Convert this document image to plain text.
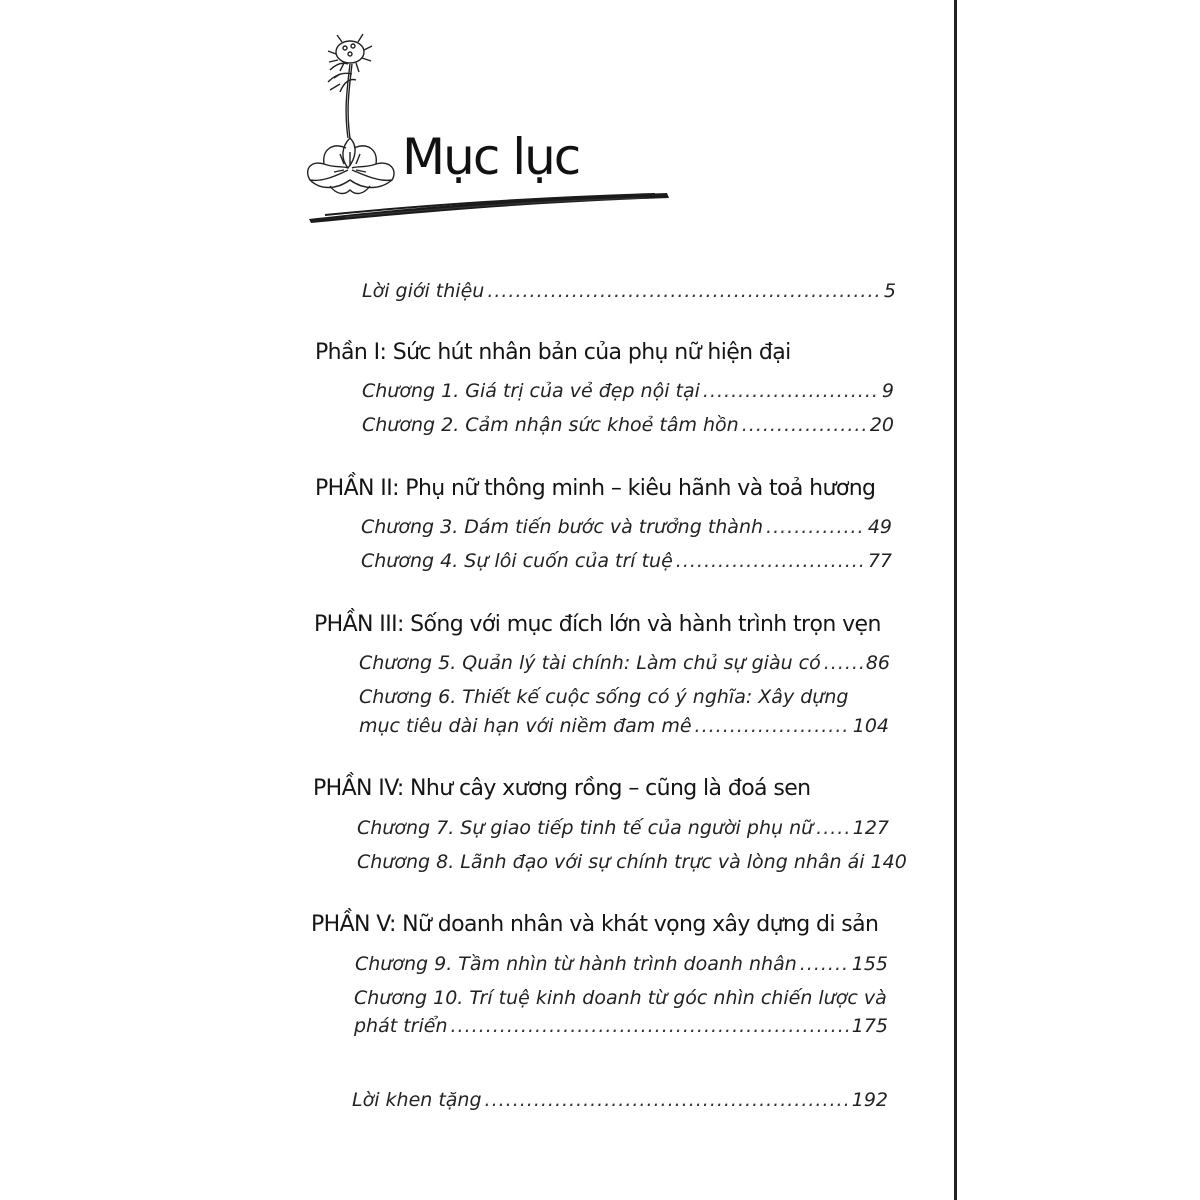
Mục lục
Lời giới thiệu .....	5
Phần I: Sức hút nhân bản của phụ nữ hiện đại
Chương 1. Giá trị của vẻ đẹp nội tại .....	9
Chương 2. Cảm nhận sức khoẻ tâm hồn .....	20
PHẦN II: Phụ nữ thông minh – kiêu hãnh và toả hương
Chương 3. Dám tiến bước và trưởng thành .....	49
Chương 4. Sự lôi cuốn của trí tuệ .....	77
PHẦN III: Sống với mục đích lớn và hành trình trọn vẹn
Chương 5. Quản lý tài chính: Làm chủ sự giàu có ..... 86
Chương 6. Thiết kế cuộc sống có ý nghĩa: Xây dựng
mục tiêu dài hạn với niềm đam mê .....	104
PHẦN IV: Như cây xương rồng – cũng là đoá sen
Chương 7. Sự giao tiếp tinh tế của người phụ nữ ..... 127
Chương 8. Lãnh đạo với sự chính trực và lòng nhân ái 140
PHẦN V: Nữ doanh nhân và khát vọng xây dựng di sản
Chương 9. Tầm nhìn từ hành trình doanh nhân .....	155
Chương 10. Trí tuệ kinh doanh từ góc nhìn chiến lược và
phát triển .....	175
Lời khen tặng .....	192
